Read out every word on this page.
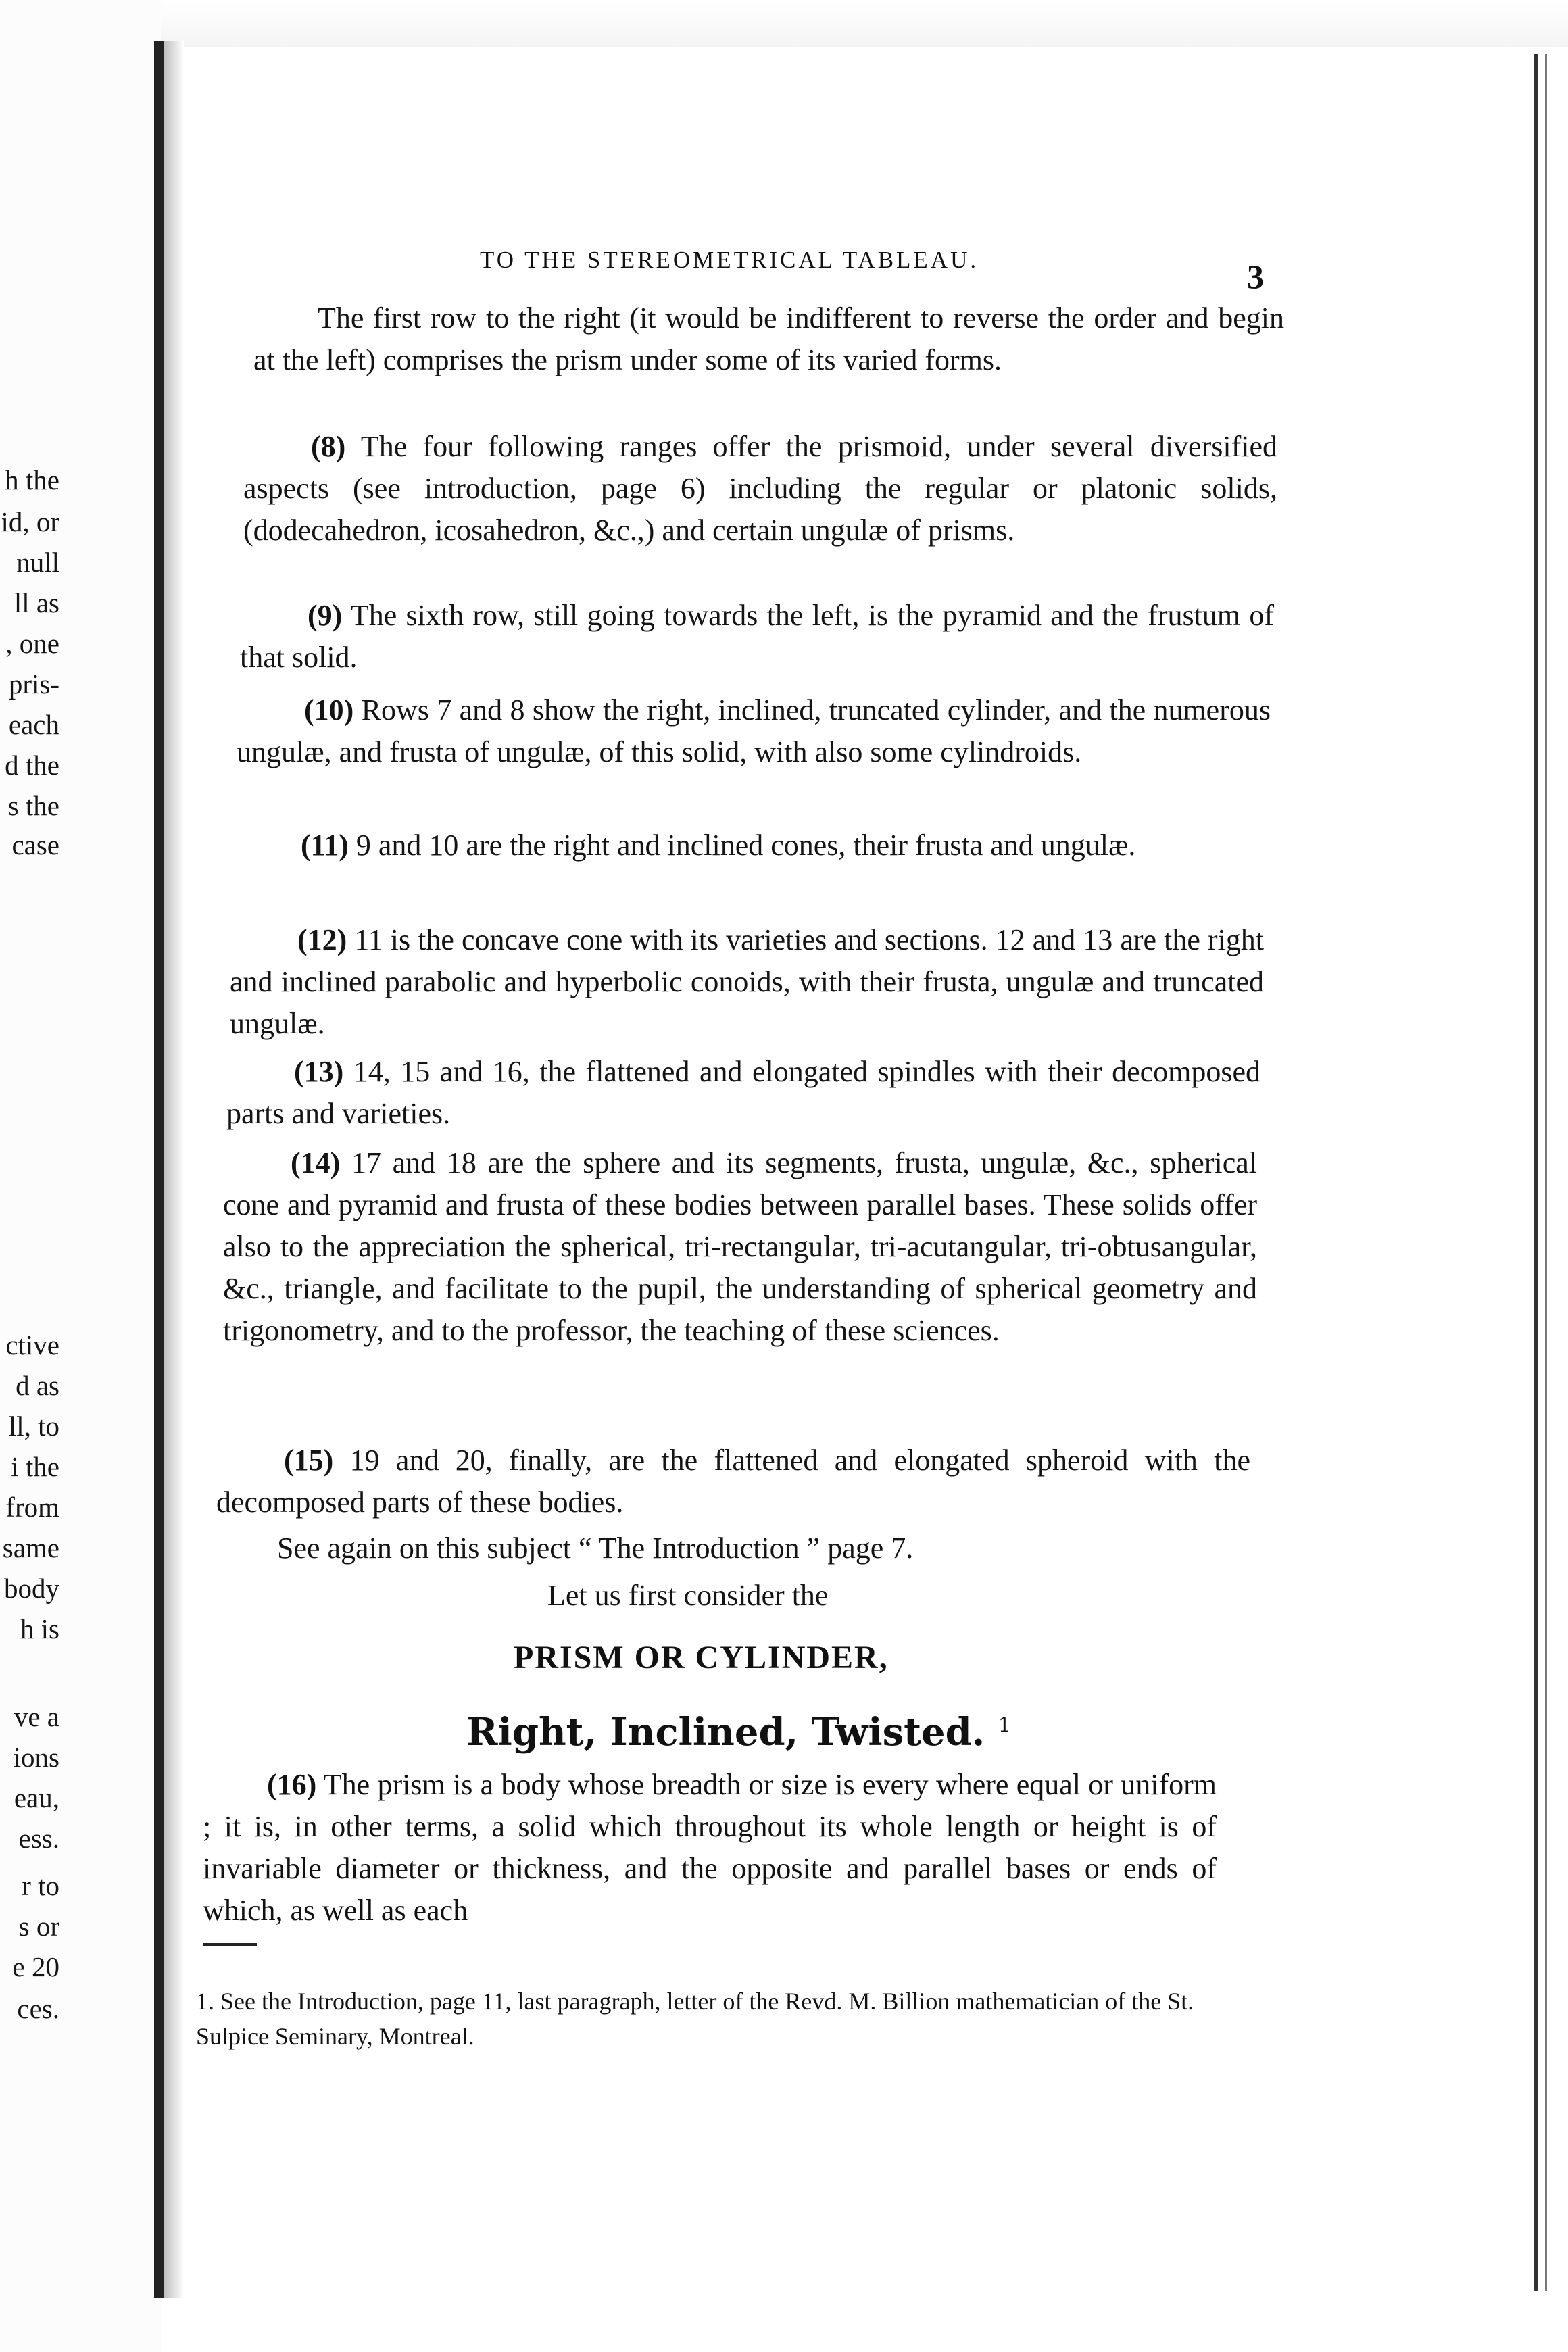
h the
id, or
null
ll as
, one
pris-
each
d the
s the
case
ctive
d as
ll, to
i the
from
same
body
h is
ve a
ions
eau,
ess.
r to
s or
e 20
ces.
TO THE STEREOMETRICAL TABLEAU.	3

The first row to the right (it would be indifferent to reverse the order and begin at the left) comprises the prism under some of its varied forms.

(8) The four following ranges offer the prismoid, under several diversified aspects (see introduction, page 6) including the regular or platonic solids, (dodecahedron, icosahedron, &c.,) and certain ungulæ of prisms.

(9) The sixth row, still going towards the left, is the pyramid and the frustum of that solid.

(10) Rows 7 and 8 show the right, inclined, truncated cylinder, and the numerous ungulæ, and frusta of ungulæ, of this solid, with also some cylindroids.

(11) 9 and 10 are the right and inclined cones, their frusta and ungulæ.

(12) 11 is the concave cone with its varieties and sections. 12 and 13 are the right and inclined parabolic and hyperbolic conoids, with their frusta, ungulæ and truncated ungulæ.

(13) 14, 15 and 16, the flattened and elongated spindles with their decomposed parts and varieties.

(14) 17 and 18 are the sphere and its segments, frusta, ungulæ, &c., spherical cone and pyramid and frusta of these bodies between parallel bases. These solids offer also to the appreciation the spherical, tri-rectangular, tri-acutangular, tri-obtusangular, &c., triangle, and facilitate to the pupil, the understanding of spherical geometry and trigonometry, and to the professor, the teaching of these sciences.

(15) 19 and 20, finally, are the flattened and elongated spheroid with the decomposed parts of these bodies.

See again on this subject “ The Introduction ” page 7.

Let us first consider the

PRISM OR CYLINDER,
Right, Inclined, Twisted. $^1$

(16) The prism is a body whose breadth or size is every where equal or uniform ; it is, in other terms, a solid which throughout its whole length or height is of invariable diameter or thickness, and the opposite and parallel bases or ends of which, as well as each

1. See the Introduction, page 11, last paragraph, letter of the Revd. M. Billion mathematician of the St. Sulpice Seminary, Montreal.
